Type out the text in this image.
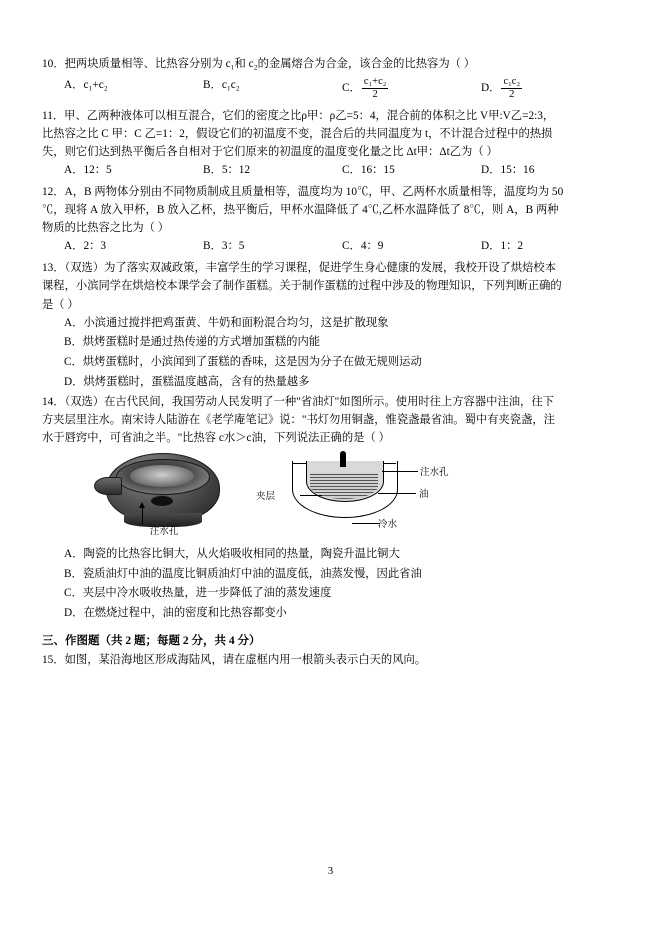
10．把两块质量相等、比热容分别为 c₁和 c₂的金属熔合为合金，该合金的比热容为（ ）
A．c₁+c₂	B．c₁c₂	C． $\frac{\text{c₁+c₂}}{2}$	D． $\frac{\text{c₁c₂}}{2}$
11．甲、乙两种液体可以相互混合，它们的密度之比ρ甲：ρ乙=5：4，混合前的体积之比 V甲:V乙=2:3，
比热容之比 C 甲：C 乙=1：2，假设它们的初温度不变，混合后的共同温度为 t，不计混合过程中的热损
失，则它们达到热平衡后各自相对于它们原来的初温度的温度变化量之比 Δt甲：Δt乙为（ ）
A．12：5	B．5：12	C．16：15	D．15：16
12．A，B 两物体分别由不同物质制成且质量相等，温度均为 10℃，甲、乙两杯水质量相等，温度均为 50
℃，现将 A 放入甲杯，B 放入乙杯，热平衡后，甲杯水温降低了 4℃,乙杯水温降低了 8℃，则 A，B 两种
物质的比热容之比为（ ）
A．2：3	B．3：5	C．4：9	D．1：2
13．（双选）为了落实双减政策，丰富学生的学习课程，促进学生身心健康的发展，我校开设了烘焙校本
课程，小滨同学在烘焙校本课学会了制作蛋糕。关于制作蛋糕的过程中涉及的物理知识，下列判断正确的
是（ ）
A．小滨通过搅拌把鸡蛋黄、牛奶和面粉混合均匀，这是扩散现象
B．烘烤蛋糕时是通过热传递的方式增加蛋糕的内能
C．烘烤蛋糕时，小滨闻到了蛋糕的香味，这是因为分子在做无规则运动
D．烘烤蛋糕时，蛋糕温度越高，含有的热量越多
14．（双选）在古代民间，我国劳动人民发明了一种"省油灯"如图所示。使用时往上方容器中注油，往下
方夹层里注水。南宋诗人陆游在《老学庵笔记》说："书灯勿用铜盏，惟瓷盏最省油。蜀中有夹瓷盏，注
水于唇窍中，可省油之半。"比热容 c水＞c油，下列说法正确的是（ ）
注水孔
注水孔
油
夹层
冷水
A．陶瓷的比热容比铜大，从火焰吸收相同的热量，陶瓷升温比铜大
B．瓷质油灯中油的温度比铜质油灯中油的温度低，油蒸发慢，因此省油
C．夹层中冷水吸收热量，进一步降低了油的蒸发速度
D．在燃烧过程中，油的密度和比热容都变小
三、作图题（共 2 题；每题 2 分，共 4 分）
15．如图，某沿海地区形成海陆风，请在虚框内用一根箭头表示白天的风向。
3
